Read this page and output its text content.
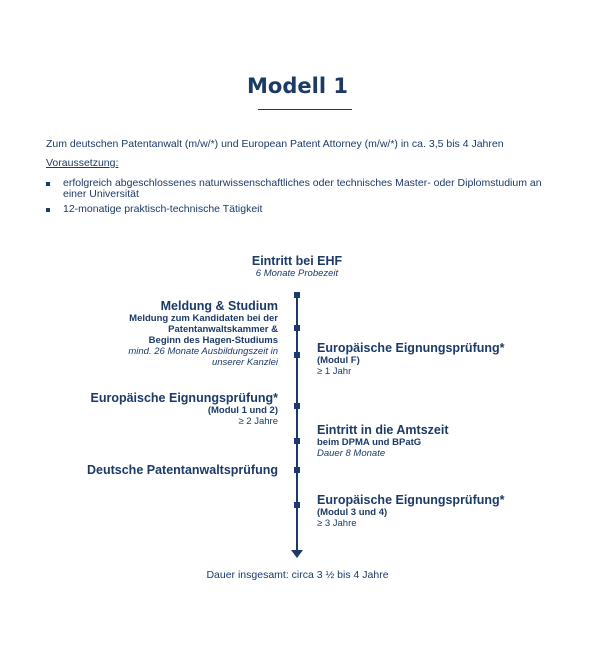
Modell 1
Zum deutschen Patentanwalt (m/w/*) und European Patent Attorney (m/w/*) in ca. 3,5 bis 4 Jahren
Voraussetzung:
erfolgreich abgeschlossenes naturwissenschaftliches oder technisches Master- oder Diplomstudium an einer Universität
12-monatige praktisch-technische Tätigkeit
Eintritt bei EHF
6 Monate Probezeit
Meldung & Studium
Meldung zum Kandidaten bei der
Patentanwaltskammer &
Beginn des Hagen-Studiums
mind. 26 Monate Ausbildungszeit in
unserer Kanzlei
Europäische Eignungsprüfung*
(Modul 1 und 2)
≥ 2 Jahre
Deutsche Patentanwaltsprüfung
Europäische Eignungsprüfung*
(Modul F)
≥ 1 Jahr
Eintritt in die Amtszeit
beim DPMA und BPatG
Dauer 8 Monate
Europäische Eignungsprüfung*
(Modul 3 und 4)
≥ 3 Jahre
Dauer insgesamt: circa 3 ½ bis 4 Jahre
